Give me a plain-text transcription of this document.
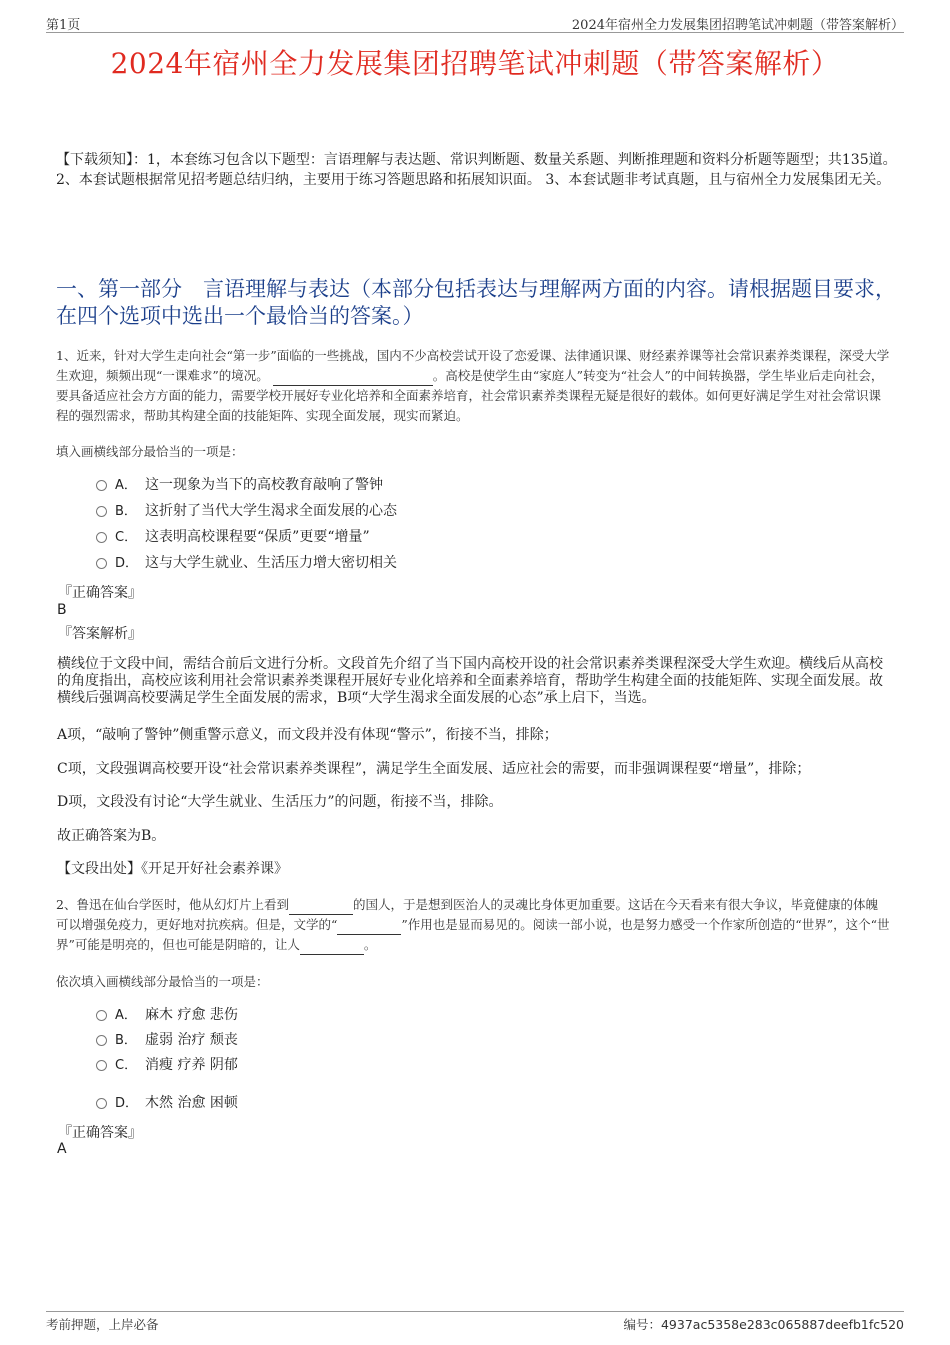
第1页	2024年宿州全力发展集团招聘笔试冲刺题（带答案解析）
2024年宿州全力发展集团招聘笔试冲刺题（带答案解析）
【下载须知】：1，本套练习包含以下题型：言语理解与表达题、常识判断题、数量关系题、判断推理题和资料分析题等题型；共135道。 2、本套试题根据常见招考题总结归纳，主要用于练习答题思路和拓展知识面。 3、本套试题非考试真题，且与宿州全力发展集团无关。
一、第一部分　言语理解与表达（本部分包括表达与理解两方面的内容。请根据题目要求，在四个选项中选出一个最恰当的答案。）
1、近来，针对大学生走向社会“第一步”面临的一些挑战，国内不少高校尝试开设了恋爱课、法律通识课、财经素养课等社会常识素养类课程，深受大学生欢迎，频频出现“一课难求”的境况。	。高校是使学生由“家庭人”转变为“社会人”的中间转换器，学生毕业后走向社会，要具备适应社会方方面的能力，需要学校开展好专业化培养和全面素养培育，社会常识素养类课程无疑是很好的载体。如何更好满足学生对社会常识课程的强烈需求，帮助其构建全面的技能矩阵、实现全面发展，现实而紧迫。
填入画横线部分最恰当的一项是：
A． 这一现象为当下的高校教育敲响了警钟
B． 这折射了当代大学生渴求全面发展的心态
C． 这表明高校课程要“保质”更要“增量”
D． 这与大学生就业、生活压力增大密切相关
『正确答案』
B
『答案解析』
横线位于文段中间，需结合前后文进行分析。文段首先介绍了当下国内高校开设的社会常识素养类课程深受大学生欢迎。横线后从高校的角度指出，高校应该利用社会常识素养类课程开展好专业化培养和全面素养培育，帮助学生构建全面的技能矩阵、实现全面发展。故横线后强调高校要满足学生全面发展的需求，B项“大学生渴求全面发展的心态”承上启下，当选。
A项，“敲响了警钟”侧重警示意义，而文段并没有体现“警示”，衔接不当，排除；
C项，文段强调高校要开设“社会常识素养类课程”，满足学生全面发展、适应社会的需要，而非强调课程要“增量”，排除；
D项，文段没有讨论“大学生就业、生活压力”的问题，衔接不当，排除。
故正确答案为B。
【文段出处】《开足开好社会素养课》
2、鲁迅在仙台学医时，他从幻灯片上看到	的国人，于是想到医治人的灵魂比身体更加重要。这话在今天看来有很大争议，毕竟健康的体魄可以增强免疫力，更好地对抗疾病。但是，文学的“	”作用也是显而易见的。阅读一部小说，也是努力感受一个作家所创造的“世界”，这个“世界”可能是明亮的，但也可能是阴暗的，让人	。
依次填入画横线部分最恰当的一项是：
A． 麻木 疗愈 悲伤
B． 虚弱 治疗 颓丧
C． 消瘦 疗养 阴郁
D． 木然 治愈 困顿
『正确答案』
A
考前押题，上岸必备	编号：4937ac5358e283c065887deefb1fc520
